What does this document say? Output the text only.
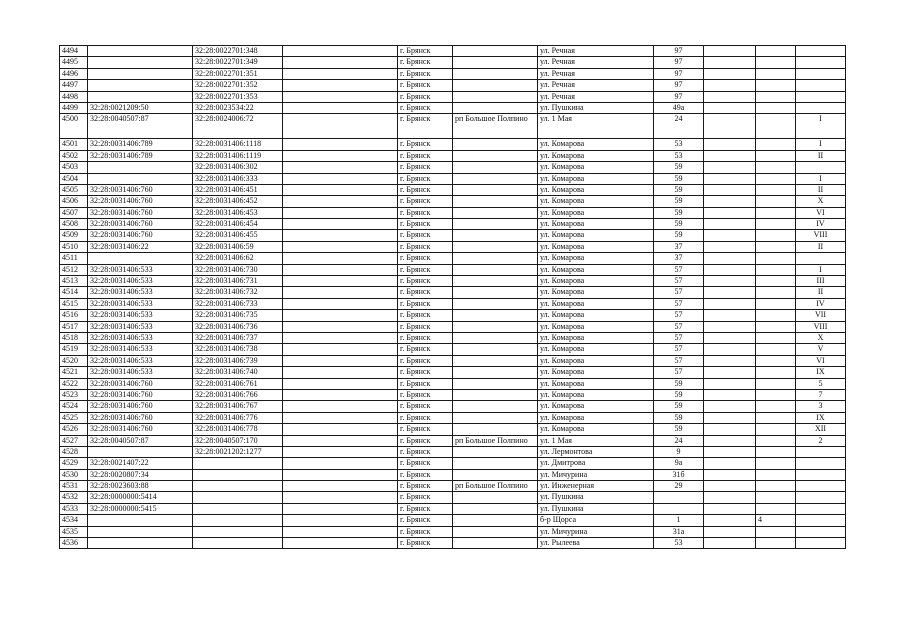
4494		32:28:0022701:348		г. Брянск		ул. Речная	97			
4495		32:28:0022701:349		г. Брянск		ул. Речная	97			
4496		32:28:0022701:351		г. Брянск		ул. Речная	97			
4497		32:28:0022701:352		г. Брянск		ул. Речная	97			
4498		32:28:0022701:353		г. Брянск		ул. Речная	97			
4499	32:28:0021209:50	32:28:0023534:22		г. Брянск		ул. Пушкина	49а			
4500	32:28:0040507:87	32:28:0024006:72		г. Брянск	рп Большое Полпино	ул. 1 Мая	24			I
4501	32:28:0031406:789	32:28:0031406:1118		г. Брянск		ул. Комарова	53			I
4502	32:28:0031406:789	32:28:0031406:1119		г. Брянск		ул. Комарова	53			II
4503		32:28:0031406:302		г. Брянск		ул. Комарова	59			
4504		32:28:0031406:333		г. Брянск		ул. Комарова	59			I
4505	32:28:0031406:760	32:28:0031406:451		г. Брянск		ул. Комарова	59			II
4506	32:28:0031406:760	32:28:0031406:452		г. Брянск		ул. Комарова	59			X
4507	32:28:0031406:760	32:28:0031406:453		г. Брянск		ул. Комарова	59			VI
4508	32:28:0031406:760	32:28:0031406:454		г. Брянск		ул. Комарова	59			IV
4509	32:28:0031406:760	32:28:0031406:455		г. Брянск		ул. Комарова	59			VIII
4510	32:28:0031406:22	32:28:0031406:59		г. Брянск		ул. Комарова	37			II
4511		32:28:0031406:62		г. Брянск		ул. Комарова	37			
4512	32:28:0031406:533	32:28:0031406:730		г. Брянск		ул. Комарова	57			I
4513	32:28:0031406:533	32:28:0031406:731		г. Брянск		ул. Комарова	57			III
4514	32:28:0031406:533	32:28:0031406:732		г. Брянск		ул. Комарова	57			II
4515	32:28:0031406:533	32:28:0031406:733		г. Брянск		ул. Комарова	57			IV
4516	32:28:0031406:533	32:28:0031406:735		г. Брянск		ул. Комарова	57			VII
4517	32:28:0031406:533	32:28:0031406:736		г. Брянск		ул. Комарова	57			VIII
4518	32:28:0031406:533	32:28:0031406:737		г. Брянск		ул. Комарова	57			X
4519	32:28:0031406:533	32:28:0031406:738		г. Брянск		ул. Комарова	57			V
4520	32:28:0031406:533	32:28:0031406:739		г. Брянск		ул. Комарова	57			VI
4521	32:28:0031406:533	32:28:0031406:740		г. Брянск		ул. Комарова	57			IX
4522	32:28:0031406:760	32:28:0031406:761		г. Брянск		ул. Комарова	59			5
4523	32:28:0031406:760	32:28:0031406:766		г. Брянск		ул. Комарова	59			7
4524	32:28:0031406:760	32:28:0031406:767		г. Брянск		ул. Комарова	59			3
4525	32:28:0031406:760	32:28:0031406:776		г. Брянск		ул. Комарова	59			IX
4526	32:28:0031406:760	32:28:0031406:778		г. Брянск		ул. Комарова	59			XII
4527	32:28:0040507:87	32:28:0040507:170		г. Брянск	рп Большое Полпино	ул. 1 Мая	24			2
4528		32:28:0021202:1277		г. Брянск		ул. Лермонтова	9			
4529	32:28:0021407:22			г. Брянск		ул. Дмитрова	9а			
4530	32:28:0020807:34			г. Брянск		ул. Мичурина	31б			
4531	32:28:0023603:88			г. Брянск	рп Большое Полпино	ул. Инженерная	29			
4532	32:28:0000000:5414			г. Брянск		ул. Пушкина				
4533	32:28:0000000:5415			г. Брянск		ул. Пушкина				
4534				г. Брянск		б-р Щорса	1		4	
4535				г. Брянск		ул. Мичурина	31а			
4536				г. Брянск		ул. Рылеева	53			
